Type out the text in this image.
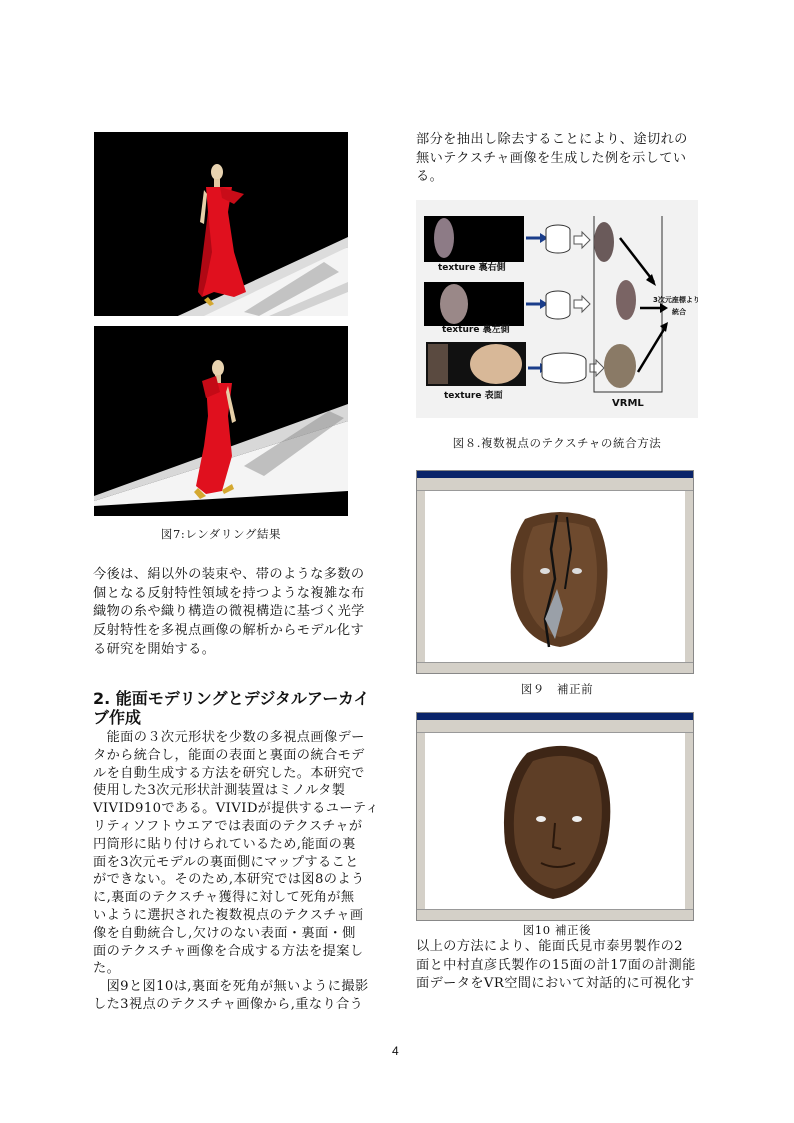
図7:レンダリング結果
今後は、絹以外の装束や、帯のような多数の
個となる反射特性領域を持つような複雑な布
織物の糸や織り構造の微視構造に基づく光学
反射特性を多視点画像の解析からモデル化す
る研究を開始する。
2. 能面モデリングとデジタルアーカイ
ブ作成
　能面の３次元形状を少数の多視点画像デー
タから統合し，能面の表面と裏面の統合モデ
ルを自動生成する方法を研究した。本研究で
使用した3次元形状計測装置はミノルタ製
VIVID910である。VIVIDが提供するユーティ
リティソフトウエアでは表面のテクスチャが
円筒形に貼り付けられているため,能面の裏
面を3次元モデルの裏面側にマップすること
ができない。そのため,本研究では図8のよう
に,裏面のテクスチャ獲得に対して死角が無
いように選択された複数視点のテクスチャ画
像を自動統合し,欠けのない表面・裏面・側
面のテクスチャ画像を合成する方法を提案し
た。
　図9と図10は,裏面を死角が無いように撮影
した3視点のテクスチャ画像から,重なり合う
部分を抽出し除去することにより、途切れの
無いテクスチャ画像を生成した例を示してい
る。
texture 裏右側
texture 裏左側
texture 表面
VRML
3次元座標より
統合
図８.複数視点のテクスチャの統合方法
図９　補正前
図10 補正後
以上の方法により、能面氏見市泰男製作の2
面と中村直彦氏製作の15面の計17面の計測能
面データをVR空間において対話的に可視化す
4
